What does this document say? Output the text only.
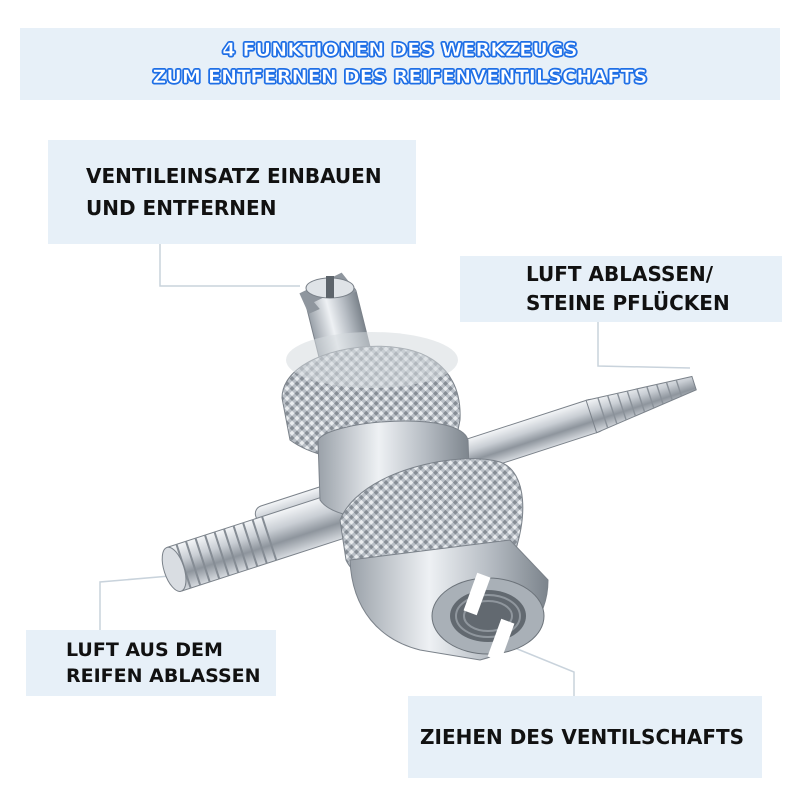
4 FUNKTIONEN DES WERKZEUGS
ZUM ENTFERNEN DES REIFENVENTILSCHAFTS
VENTILEINSATZ EINBAUEN
UND ENTFERNEN
LUFT ABLASSEN/
STEINE PFLÜCKEN
LUFT AUS DEM
REIFEN ABLASSEN
ZIEHEN DES VENTILSCHAFTS
